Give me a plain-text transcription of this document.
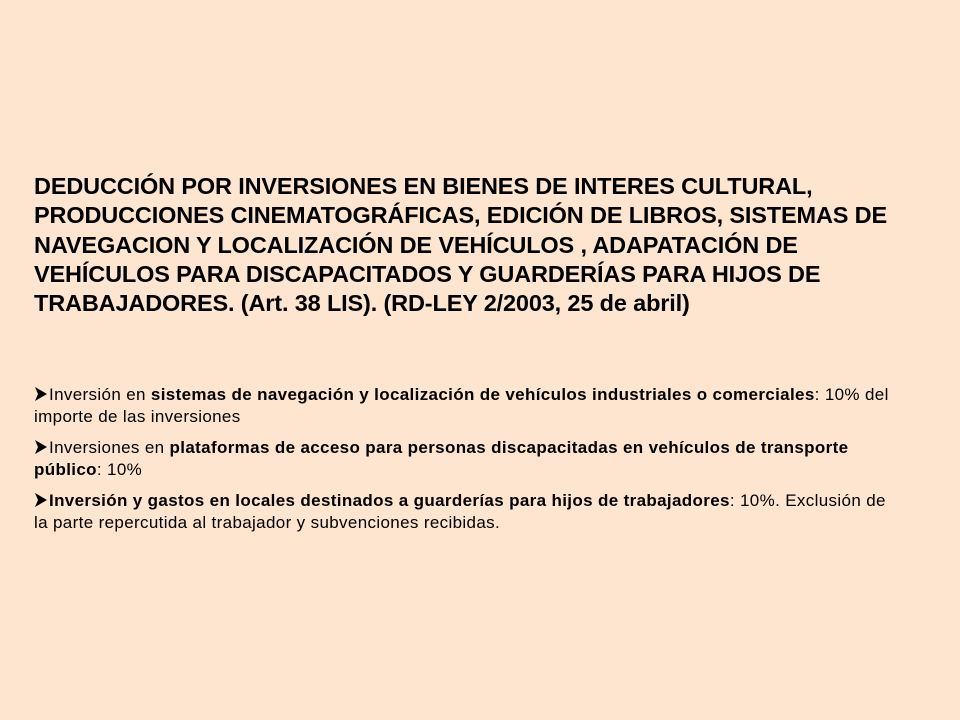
DEDUCCIÓN POR INVERSIONES EN BIENES DE INTERES CULTURAL, PRODUCCIONES CINEMATOGRÁFICAS, EDICIÓN DE LIBROS, SISTEMAS DE NAVEGACION Y LOCALIZACIÓN DE VEHÍCULOS , ADAPATACIÓN DE VEHÍCULOS PARA DISCAPACITADOS Y GUARDERÍAS PARA HIJOS DE TRABAJADORES. (Art. 38 LIS). (RD-LEY 2/2003, 25 de abril)
Inversión en sistemas de navegación y localización de vehículos industriales o comerciales: 10% del importe de las inversiones
Inversiones en plataformas de acceso para personas discapacitadas en vehículos de transporte público: 10%
Inversión y gastos en locales destinados a guarderías para hijos de trabajadores: 10%. Exclusión de la parte repercutida al trabajador y subvenciones recibidas.
